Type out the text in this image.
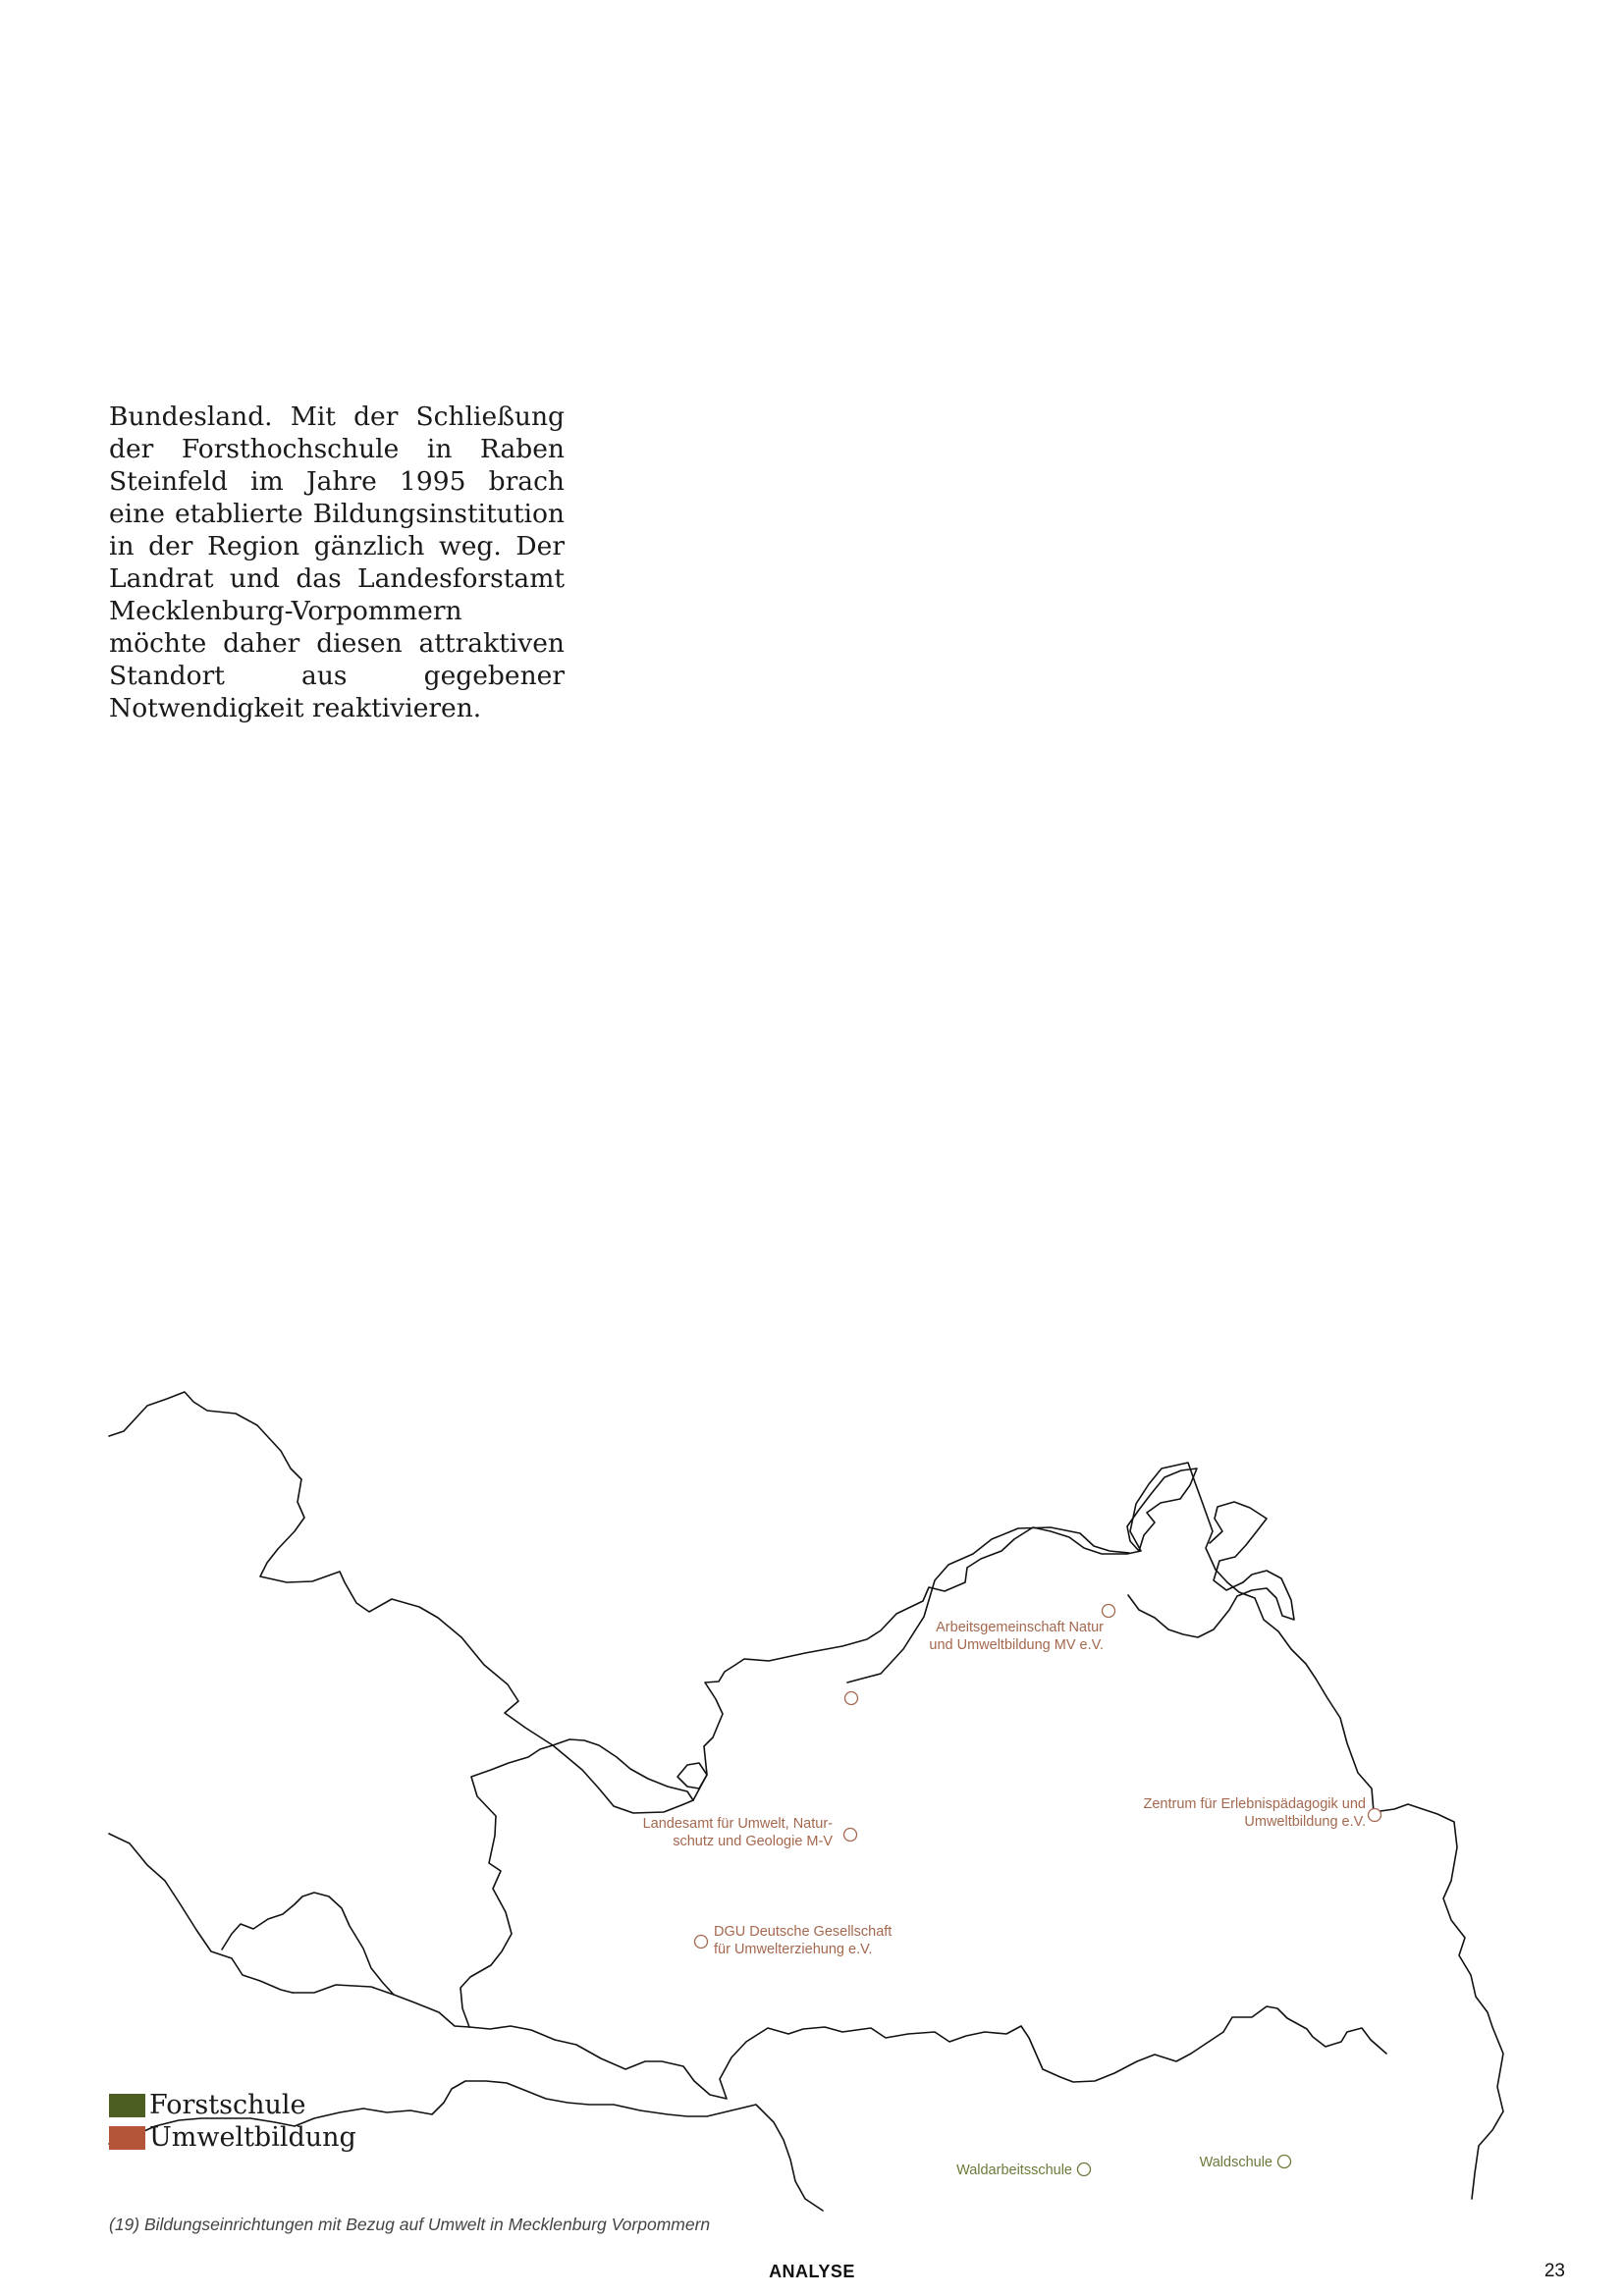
Bundesland. Mit der Schließung der Forsthochschule in Raben Steinfeld im Jahre 1995 brach eine etablierte Bildungsinstitution in der Region gänzlich weg. Der Landrat und das Landesforstamt Mecklenburg-Vorpommern möchte daher diesen attraktiven Standort aus gegebener Notwendigkeit reaktivieren.

Arbeitsgemeinschaft Natur
und Umweltbildung MV e.V.
Landesamt für Umwelt, Natur-
schutz und Geologie M-V
Zentrum für Erlebnispädagogik und
Umweltbildung e.V.
DGU Deutsche Gesellschaft
für Umwelterziehung e.V.
Waldarbeitsschule	Waldschule
Forstschule
Umweltbildung
(19) Bildungseinrichtungen mit Bezug auf Umwelt in Mecklenburg Vorpommern
ANALYSE	23
